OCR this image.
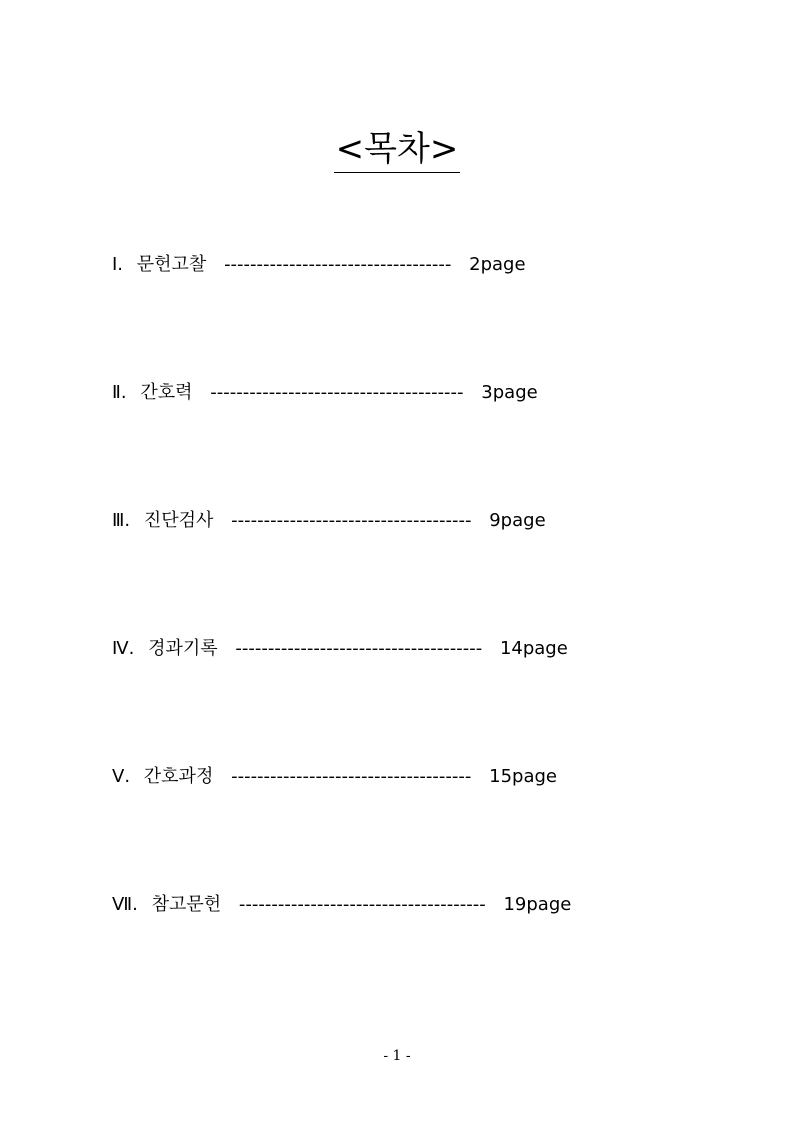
<목차>
Ⅰ. 문헌고찰 ----------------------------------- 2page
Ⅱ. 간호력 --------------------------------------- 3page
Ⅲ. 진단검사 ------------------------------------- 9page
Ⅳ. 경과기록 -------------------------------------- 14page
Ⅴ. 간호과정 ------------------------------------- 15page
Ⅶ. 참고문헌 -------------------------------------- 19page
- 1 -
